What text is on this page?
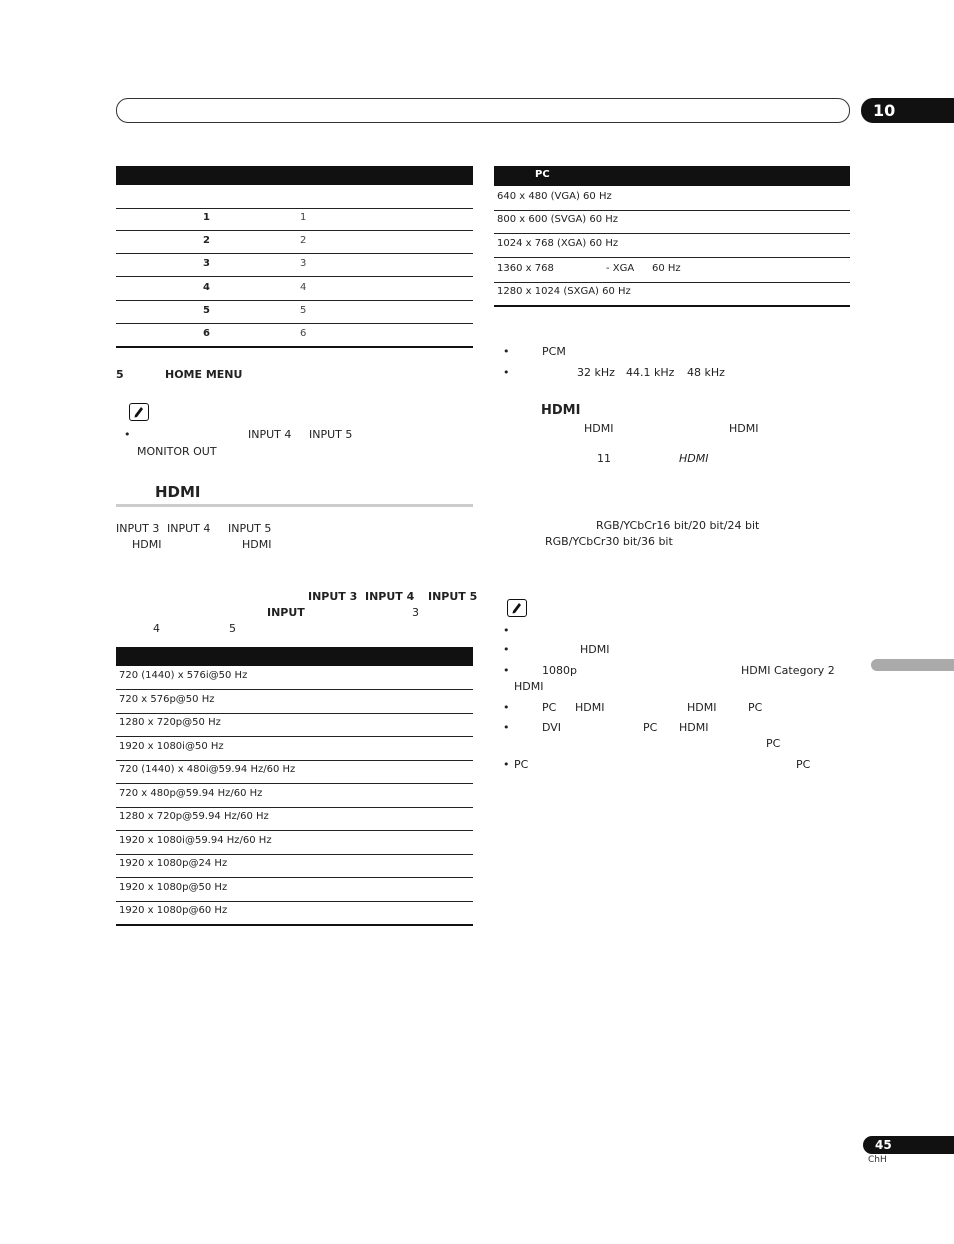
10
1	1
2	2
3	3
4	4
5	5
6	6
5	HOME MENU
•	INPUT 4 INPUT 5
MONITOR OUT
HDMI
INPUT 3 INPUT 4 INPUT 5
HDMI	HDMI
INPUT 3 INPUT 4 INPUT 5
INPUT	3
4	5
720 (1440) x 576i@50 Hz
720 x 576p@50 Hz
1280 x 720p@50 Hz
1920 x 1080i@50 Hz
720 (1440) x 480i@59.94 Hz/60 Hz
720 x 480p@59.94 Hz/60 Hz
1280 x 720p@59.94 Hz/60 Hz
1920 x 1080i@59.94 Hz/60 Hz
1920 x 1080p@24 Hz
1920 x 1080p@50 Hz
1920 x 1080p@60 Hz
PC
640 x 480 (VGA) 60 Hz
800 x 600 (SVGA) 60 Hz
1024 x 768 (XGA) 60 Hz
1360 x 768	- XGA 60 Hz
1280 x 1024 (SXGA) 60 Hz
•	PCM
•	32 kHz 44.1 kHz 48 kHz
HDMI
HDMI	HDMI
11	HDMI
RGB/YCbCr16 bit/20 bit/24 bit
RGB/YCbCr30 bit/36 bit
•
•	HDMI
•	1080p	HDMI Category 2
HDMI
•	PC HDMI	HDMI	PC
•	DVI	PC HDMI
PC
• PC	PC
45
ChH
